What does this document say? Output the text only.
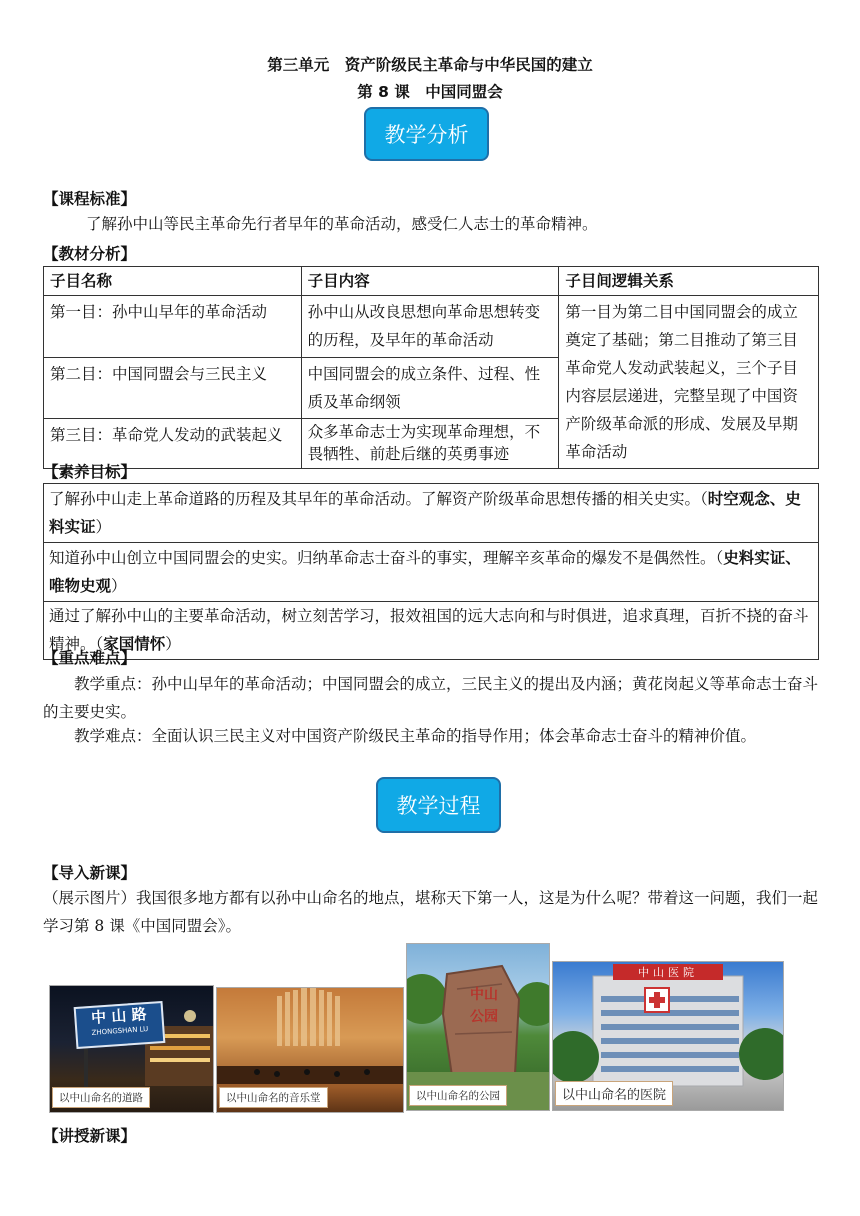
第三单元　资产阶级民主革命与中华民国的建立
第 8 课　中国同盟会
教学分析
【课程标准】
了解孙中山等民主革命先行者早年的革命活动，感受仁人志士的革命精神。
【教材分析】
子目名称	子目内容	子目间逻辑关系
第一目：孙中山早年的革命活动	孙中山从改良思想向革命思想转变的历程，及早年的革命活动	第一目为第二目中国同盟会的成立奠定了基础；第二目推动了第三目革命党人发动武装起义，三个子目内容层层递进，完整呈现了中国资产阶级革命派的形成、发展及早期革命活动
第二目：中国同盟会与三民主义	中国同盟会的成立条件、过程、性质及革命纲领	
第三目：革命党人发动的武装起义	众多革命志士为实现革命理想，不畏牺牲、前赴后继的英勇事迹	
【素养目标】
了解孙中山走上革命道路的历程及其早年的革命活动。了解资产阶级革命思想传播的相关史实。（时空观念、史料实证）
知道孙中山创立中国同盟会的史实。归纳革命志士奋斗的事实，理解辛亥革命的爆发不是偶然性。（史料实证、唯物史观）
通过了解孙中山的主要革命活动，树立刻苦学习，报效祖国的远大志向和与时俱进，追求真理，百折不挠的奋斗精神。（家国情怀）
【重点难点】
教学重点：孙中山早年的革命活动；中国同盟会的成立，三民主义的提出及内涵；黄花岗起义等革命志士奋斗的主要史实。
教学难点：全面认识三民主义对中国资产阶级民主革命的指导作用；体会革命志士奋斗的精神价值。
教学过程
【导入新课】
（展示图片）我国很多地方都有以孙中山命名的地点，堪称天下第一人，这是为什么呢？带着这一问题，我们一起学习第 8 课《中国同盟会》。
中 山 路
ZHONGSHAN LU
以中山命名的道路	以中山命名的音乐堂
中山公园
以中山命名的公园
中山医院
以中山命名的医院
【讲授新课】
